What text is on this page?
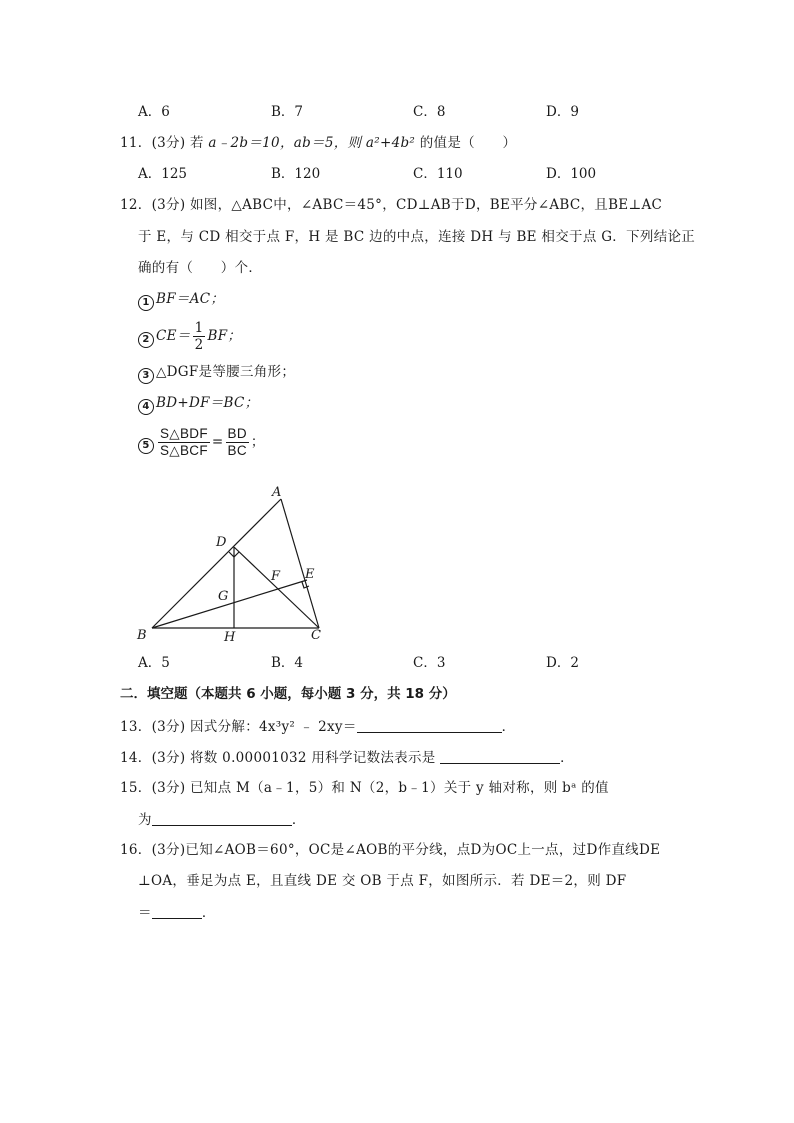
A．6	B．7	C．8	D．9
11．(3分) 若 a﹣2b＝10，ab＝5，则 a²+4b² 的值是（　　）
A．125	B．120	C．110	D．100
12．(3分) 如图，△ABC中，∠ABC＝45°，CD⊥AB于D，BE平分∠ABC，且BE⊥AC
于 E，与 CD 相交于点 F，H 是 BC 边的中点，连接 DH 与 BE 相交于点 G．下列结论正
确的有（　　）个．
1 BF＝AC；
2 $CE= \frac{1}{2}$ BF；
3 △DGF是等腰三角形；
4 BD+DF＝BC；
$5 \frac{\text{S△BDF}}{\text{S△BCF}} = \frac{BD}{BC}$ ；
A
B	C
D
E
F
G
H
A．5	B．4	C．3	D．2
二．填空题（本题共 6 小题，每小题 3 分，共 18 分）
13．(3分) 因式分解：4x³y² ﹣ 2xy＝	．
14．(3分) 将数 0.00001032 用科学记数法表示是	．
15．(3分) 已知点 M（a﹣1，5）和 N（2，b﹣1）关于 y 轴对称，则 bᵃ 的值
为	．
16．(3分)已知∠AOB＝60°，OC是∠AOB的平分线，点D为OC上一点，过D作直线DE
⊥OA，垂足为点 E，且直线 DE 交 OB 于点 F，如图所示．若 DE＝2，则 DF
＝	．
